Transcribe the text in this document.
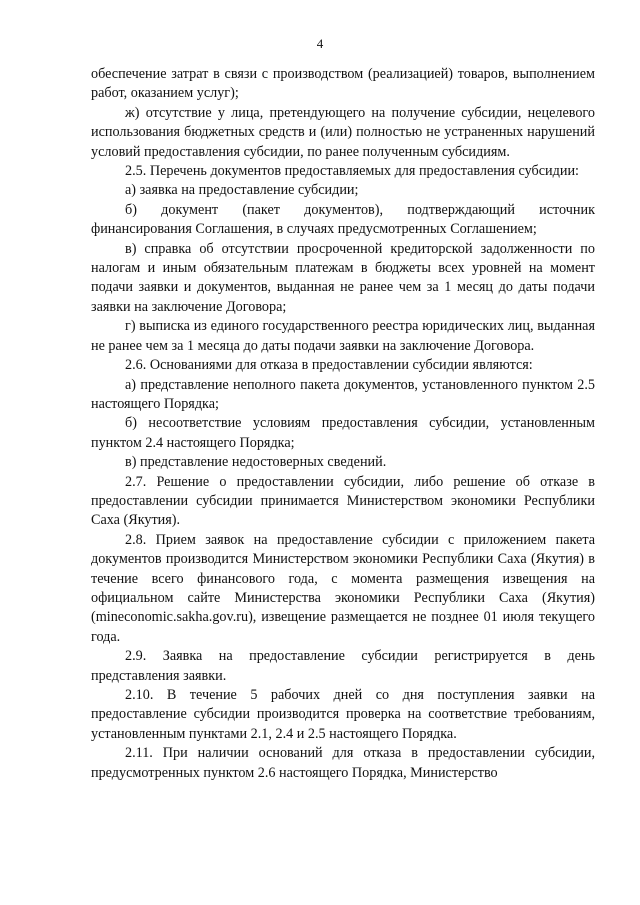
4

обеспечение затрат в связи с производством (реализацией) товаров, выполнением работ, оказанием услуг);

ж) отсутствие у лица, претендующего на получение субсидии, нецелевого использования бюджетных средств и (или) полностью не устраненных нарушений условий предоставления субсидии, по ранее полученным субсидиям.

2.5. Перечень документов предоставляемых для предоставления субсидии:

а) заявка на предоставление субсидии;

б) документ (пакет документов), подтверждающий источник финансирования Соглашения, в случаях предусмотренных Соглашением;

в) справка об отсутствии просроченной кредиторской задолженности по налогам и иным обязательным платежам в бюджеты всех уровней на момент подачи заявки и документов, выданная не ранее чем за 1 месяц до даты подачи заявки на заключение Договора;

г) выписка из единого государственного реестра юридических лиц, выданная не ранее чем за 1 месяца до даты подачи заявки на заключение Договора.

2.6. Основаниями для отказа в предоставлении субсидии являются:

а) представление неполного пакета документов, установленного пунктом 2.5 настоящего Порядка;

б) несоответствие условиям предоставления субсидии, установленным пунктом 2.4 настоящего Порядка;

в) представление недостоверных сведений.

2.7. Решение о предоставлении субсидии, либо решение об отказе в предоставлении субсидии принимается Министерством экономики Республики Саха (Якутия).

2.8. Прием заявок на предоставление субсидии с приложением пакета документов производится Министерством экономики Республики Саха (Якутия) в течение всего финансового года, с момента размещения извещения на официальном сайте Министерства экономики Республики Саха (Якутия) (mineconomic.sakha.gov.ru), извещение размещается не позднее 01 июля текущего года.

2.9. Заявка на предоставление субсидии регистрируется в день представления заявки.

2.10. В течение 5 рабочих дней со дня поступления заявки на предоставление субсидии производится проверка на соответствие требованиям, установленным пунктами 2.1, 2.4 и 2.5 настоящего Порядка.

2.11. При наличии оснований для отказа в предоставлении субсидии, предусмотренных пунктом 2.6 настоящего Порядка, Министерство
